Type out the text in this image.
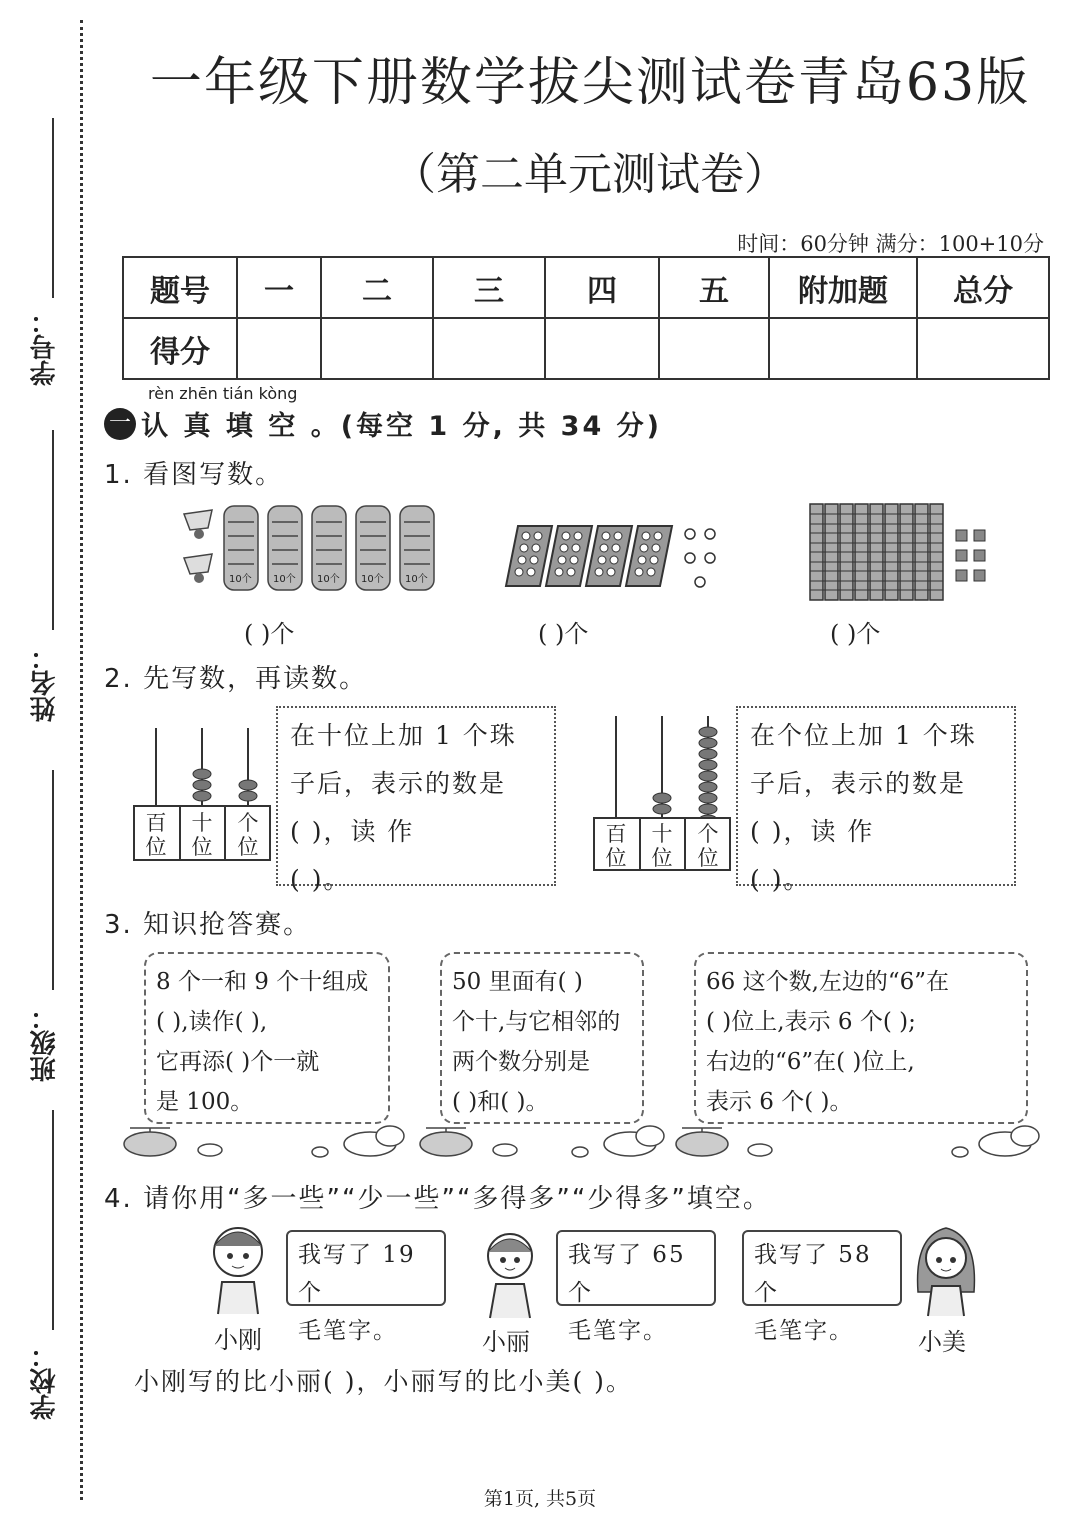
学号：
姓名：
班级：
学校：
一年级下册数学拔尖测试卷青岛63版
（第二单元测试卷）
时间：60分钟 满分：100+10分
题号	一	二	三	四	五	附加题	总分
得分							
rèn zhēn tián kòng
一 认 真 填 空 。(每空 1 分, 共 34 分)
1. 看图写数。
10个 10个 10个 10个 10个
( )个	( )个	( )个
2. 先写数，再读数。
百
位
十
位
个
位
在十位上加 1 个珠
子后，表示的数是
( )，读 作
( )。
百
位
十
位
个
位
在个位上加 1 个珠
子后，表示的数是
( )，读 作
( )。
3. 知识抢答赛。
8 个一和 9 个十组成
( ),读作( ),
它再添( )个一就
是 100。
50 里面有( )
个十,与它相邻的
两个数分别是
( )和( )。
66 这个数,左边的“6”在
( )位上,表示 6 个( );
右边的“6”在( )位上,
表示 6 个( )。
4. 请你用“多一些”“少一些”“多得多”“少得多”填空。
小刚
我写了 19 个
毛笔字。	小丽
我写了 65 个
毛笔字。
我写了 58 个
毛笔字。	小美
小刚写的比小丽( )，小丽写的比小美( )。
第1页, 共5页
